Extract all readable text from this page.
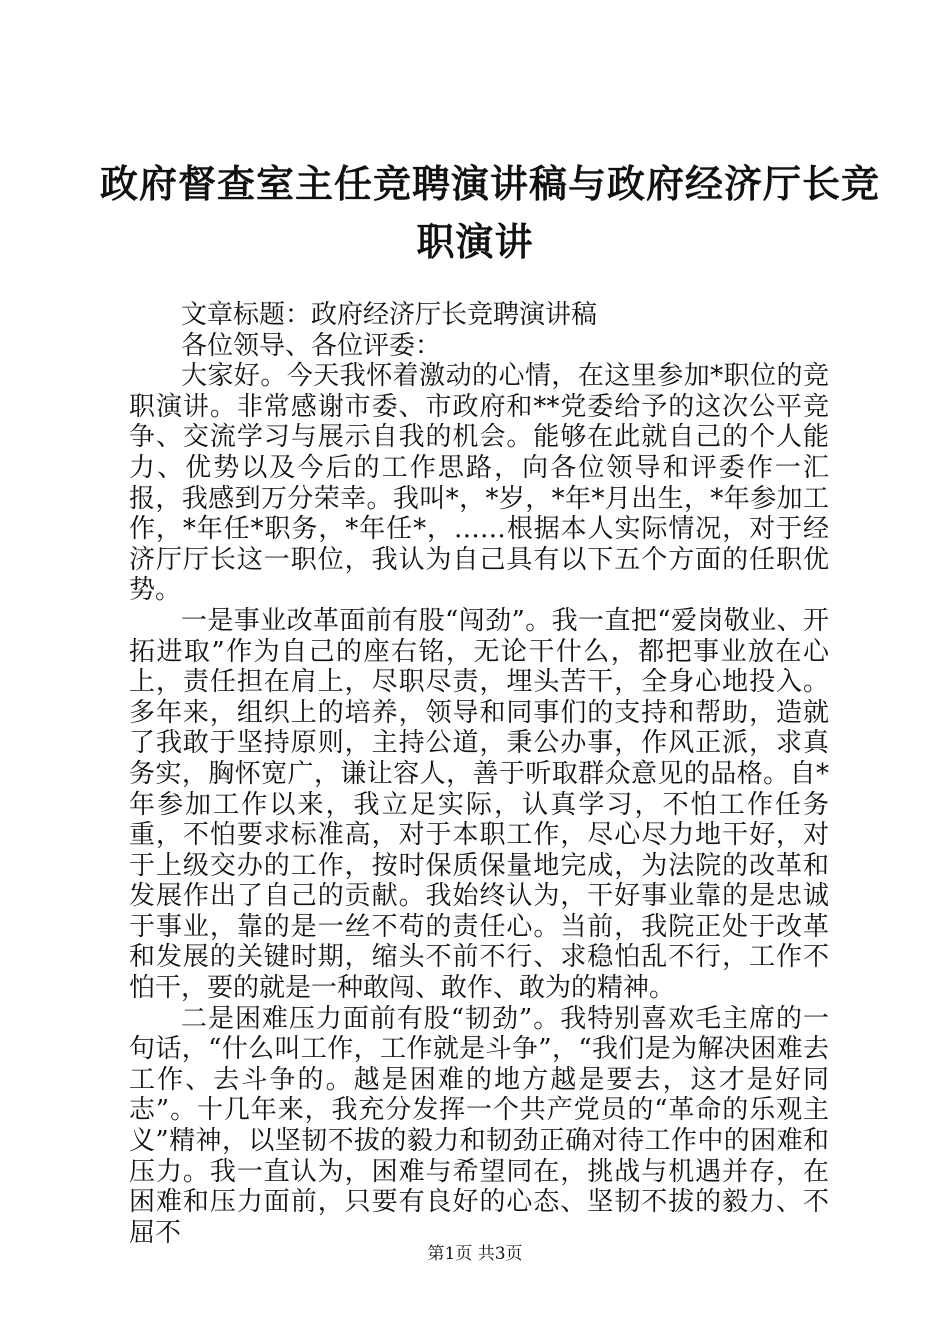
政府督查室主任竞聘演讲稿与政府经济厅长竞
职演讲

文章标题：政府经济厅长竞聘演讲稿

各位领导、各位评委：

大家好。今天我怀着激动的心情，在这里参加*职位的竞职演讲。非常感谢市委、市政府和**党委给予的这次公平竞争、交流学习与展示自我的机会。能够在此就自己的个人能力、优势以及今后的工作思路，向各位领导和评委作一汇报，我感到万分荣幸。我叫*，*岁，*年*月出生，*年参加工作，*年任*职务，*年任*，……根据本人实际情况，对于经济厅厅长这一职位，我认为自己具有以下五个方面的任职优势。

一是事业改革面前有股“闯劲”。我一直把“爱岗敬业、开拓进取”作为自己的座右铭，无论干什么，都把事业放在心上，责任担在肩上，尽职尽责，埋头苦干，全身心地投入。多年来，组织上的培养，领导和同事们的支持和帮助，造就了我敢于坚持原则，主持公道，秉公办事，作风正派，求真务实，胸怀宽广，谦让容人，善于听取群众意见的品格。自*年参加工作以来，我立足实际，认真学习，不怕工作任务重，不怕要求标准高，对于本职工作，尽心尽力地干好，对于上级交办的工作，按时保质保量地完成，为法院的改革和发展作出了自己的贡献。我始终认为，干好事业靠的是忠诚于事业，靠的是一丝不苟的责任心。当前，我院正处于改革和发展的关键时期，缩头不前不行、求稳怕乱不行，工作不怕干，要的就是一种敢闯、敢作、敢为的精神。

二是困难压力面前有股“韧劲”。我特别喜欢毛主席的一句话，“什么叫工作，工作就是斗争”，“我们是为解决困难去工作、去斗争的。越是困难的地方越是要去，这才是好同志”。十几年来，我充分发挥一个共产党员的“革命的乐观主义”精神，以坚韧不拔的毅力和韧劲正确对待工作中的困难和压力。我一直认为，困难与希望同在，挑战与机遇并存，在困难和压力面前，只要有良好的心态、坚韧不拔的毅力、不屈不

第1页 共3页
